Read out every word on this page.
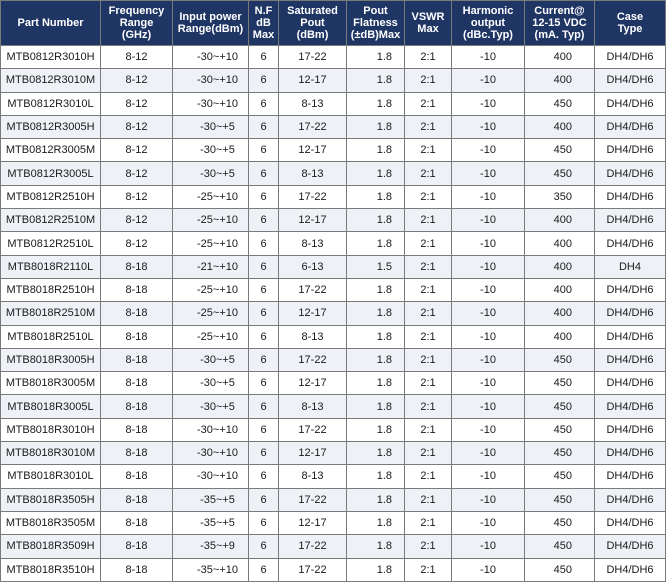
Part Number	Frequency
Range
(GHz)	Input power
Range(dBm)	N.F
dB
Max	Saturated
Pout
(dBm)	Pout
Flatness
(±dB)Max	VSWR
Max	Harmonic
output
(dBc.Typ)	Current@
12-15 VDC
(mA. Typ)	Case
Type
MTB0812R3010H	8-12	-30~+10	6	17-22	1.8	2:1	-10	400	DH4/DH6
MTB0812R3010M	8-12	-30~+10	6	12-17	1.8	2:1	-10	400	DH4/DH6
MTB0812R3010L	8-12	-30~+10	6	8-13	1.8	2:1	-10	450	DH4/DH6
MTB0812R3005H	8-12	-30~+5	6	17-22	1.8	2:1	-10	400	DH4/DH6
MTB0812R3005M	8-12	-30~+5	6	12-17	1.8	2:1	-10	450	DH4/DH6
MTB0812R3005L	8-12	-30~+5	6	8-13	1.8	2:1	-10	450	DH4/DH6
MTB0812R2510H	8-12	-25~+10	6	17-22	1.8	2:1	-10	350	DH4/DH6
MTB0812R2510M	8-12	-25~+10	6	12-17	1.8	2:1	-10	400	DH4/DH6
MTB0812R2510L	8-12	-25~+10	6	8-13	1.8	2:1	-10	400	DH4/DH6
MTB8018R2110L	8-18	-21~+10	6	6-13	1.5	2:1	-10	400	DH4
MTB8018R2510H	8-18	-25~+10	6	17-22	1.8	2:1	-10	400	DH4/DH6
MTB8018R2510M	8-18	-25~+10	6	12-17	1.8	2:1	-10	400	DH4/DH6
MTB8018R2510L	8-18	-25~+10	6	8-13	1.8	2:1	-10	400	DH4/DH6
MTB8018R3005H	8-18	-30~+5	6	17-22	1.8	2:1	-10	450	DH4/DH6
MTB8018R3005M	8-18	-30~+5	6	12-17	1.8	2:1	-10	450	DH4/DH6
MTB8018R3005L	8-18	-30~+5	6	8-13	1.8	2:1	-10	450	DH4/DH6
MTB8018R3010H	8-18	-30~+10	6	17-22	1.8	2:1	-10	450	DH4/DH6
MTB8018R3010M	8-18	-30~+10	6	12-17	1.8	2:1	-10	450	DH4/DH6
MTB8018R3010L	8-18	-30~+10	6	8-13	1.8	2:1	-10	450	DH4/DH6
MTB8018R3505H	8-18	-35~+5	6	17-22	1.8	2:1	-10	450	DH4/DH6
MTB8018R3505M	8-18	-35~+5	6	12-17	1.8	2:1	-10	450	DH4/DH6
MTB8018R3509H	8-18	-35~+9	6	17-22	1.8	2:1	-10	450	DH4/DH6
MTB8018R3510H	8-18	-35~+10	6	17-22	1.8	2:1	-10	450	DH4/DH6
